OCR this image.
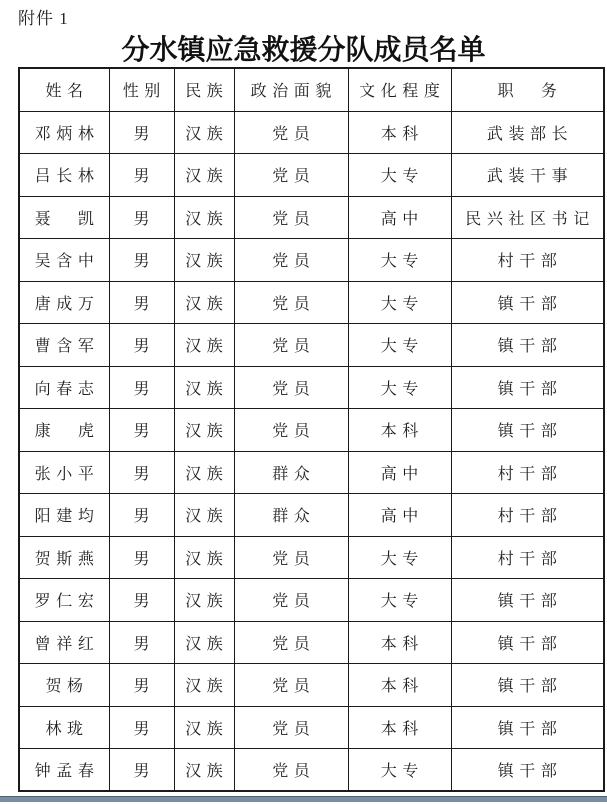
附件 1
分水镇应急救援分队成员名单
姓名	性别	民族	政治面貌	文化程度	职　务
邓炳林	男	汉族	党员	本科	武装部长
吕长林	男	汉族	党员	大专	武装干事
聂　凯	男	汉族	党员	高中	民兴社区书记
吴含中	男	汉族	党员	大专	村干部
唐成万	男	汉族	党员	大专	镇干部
曹含军	男	汉族	党员	大专	镇干部
向春志	男	汉族	党员	大专	镇干部
康　虎	男	汉族	党员	本科	镇干部
张小平	男	汉族	群众	高中	村干部
阳建均	男	汉族	群众	高中	村干部
贺斯燕	男	汉族	党员	大专	村干部
罗仁宏	男	汉族	党员	大专	镇干部
曾祥红	男	汉族	党员	本科	镇干部
贺杨	男	汉族	党员	本科	镇干部
林珑	男	汉族	党员	本科	镇干部
钟孟春	男	汉族	党员	大专	镇干部
